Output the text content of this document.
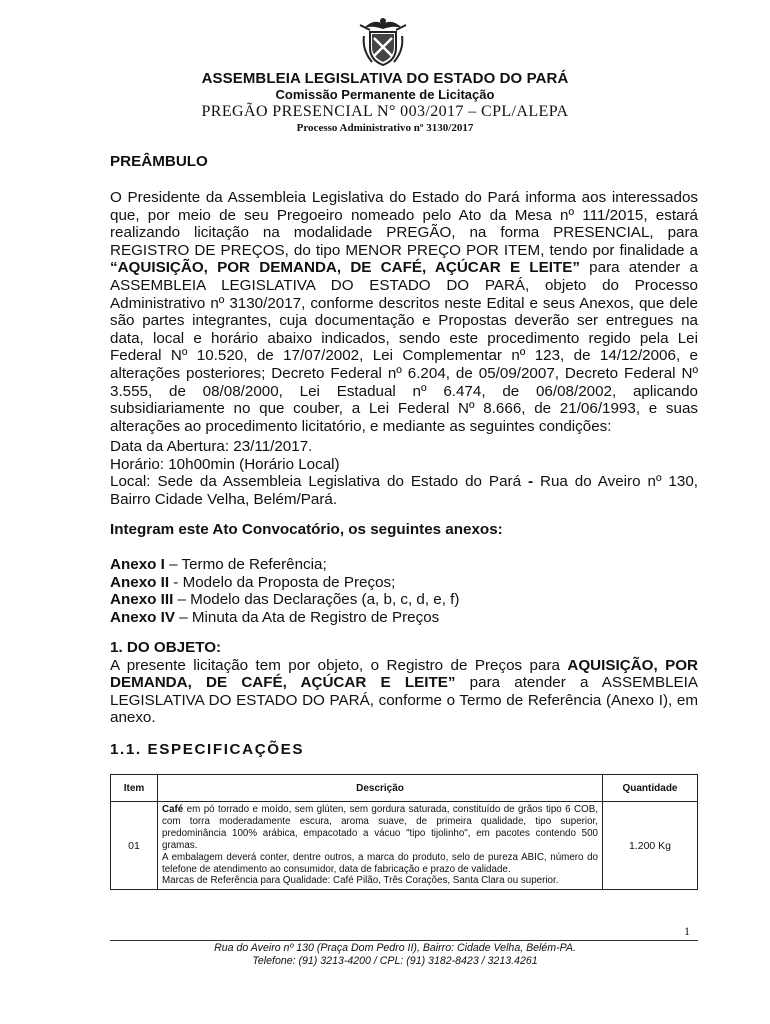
ASSEMBLEIA LEGISLATIVA DO ESTADO DO PARÁ
Comissão Permanente de Licitação
PREGÃO PRESENCIAL N° 003/2017 – CPL/ALEPA
Processo Administrativo nº 3130/2017
PREÂMBULO

O Presidente da Assembleia Legislativa do Estado do Pará informa aos interessados que, por meio de seu Pregoeiro nomeado pelo Ato da Mesa nº 111/2015, estará realizando licitação na modalidade PREGÃO, na forma PRESENCIAL, para REGISTRO DE PREÇOS, do tipo MENOR PREÇO POR ITEM, tendo por finalidade a “AQUISIÇÃO, POR DEMANDA, DE CAFÉ, AÇÚCAR E LEITE” para atender a ASSEMBLEIA LEGISLATIVA DO ESTADO DO PARÁ, objeto do Processo Administrativo nº 3130/2017, conforme descritos neste Edital e seus Anexos, que dele são partes integrantes, cuja documentação e Propostas deverão ser entregues na data, local e horário abaixo indicados, sendo este procedimento regido pela Lei Federal Nº 10.520, de 17/07/2002, Lei Complementar nº 123, de 14/12/2006, e alterações posteriores; Decreto Federal nº 6.204, de 05/09/2007, Decreto Federal Nº 3.555, de 08/08/2000, Lei Estadual nº 6.474, de 06/08/2002, aplicando subsidiariamente no que couber, a Lei Federal Nº 8.666, de 21/06/1993, e suas alterações ao procedimento licitatório, e mediante as seguintes condições:

Data da Abertura: 23/11/2017.

Horário: 10h00min (Horário Local)

Local: Sede da Assembleia Legislativa do Estado do Pará - Rua do Aveiro nº 130, Bairro Cidade Velha, Belém/Pará.

Integram este Ato Convocatório, os seguintes anexos:

Anexo I – Termo de Referência;

Anexo II - Modelo da Proposta de Preços;

Anexo III – Modelo das Declarações (a, b, c, d, e, f)

Anexo IV – Minuta da Ata de Registro de Preços

1. DO OBJETO:

A presente licitação tem por objeto, o Registro de Preços para AQUISIÇÃO, POR DEMANDA, DE CAFÉ, AÇÚCAR E LEITE” para atender a ASSEMBLEIA LEGISLATIVA DO ESTADO DO PARÁ, conforme o Termo de Referência (Anexo I), em anexo.

1.1. ESPECIFICAÇÕES
Item	Descrição	Quantidade
01	Café em pó torrado e moído, sem glúten, sem gordura saturada, constituído de grãos tipo 6 COB, com torra moderadamente escura, aroma suave, de primeira qualidade, tipo superior, predominância 100% arábica, empacotado a vácuo "tipo tijolinho", em pacotes contendo 500 gramas.
A embalagem deverá conter, dentre outros, a marca do produto, selo de pureza ABIC, número do telefone de atendimento ao consumidor, data de fabricação e prazo de validade.
Marcas de Referência para Qualidade: Café Pilão, Três Corações, Santa Clara ou superior.	1.200 Kg
1
Rua do Aveiro nº 130 (Praça Dom Pedro II), Bairro: Cidade Velha, Belém-PA.
Telefone: (91) 3213-4200 / CPL: (91) 3182-8423 / 3213.4261
